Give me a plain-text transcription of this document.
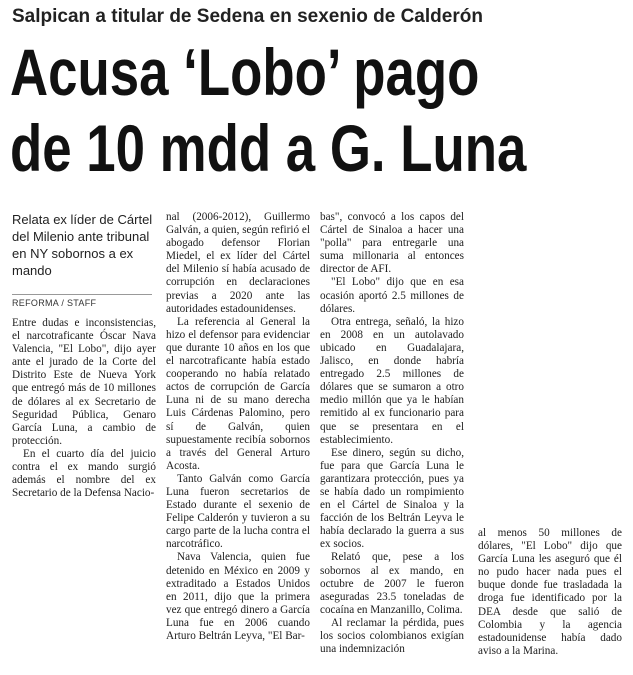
Salpican a titular de Sedena en sexenio de Calderón
Acusa ‘Lobo’ pago
de 10 mdd a G. Luna
Relata ex líder de Cártel del Milenio ante tribunal en NY sobornos a ex mando
REFORMA / STAFF

Entre dudas e inconsistencias, el narcotraficante Óscar Nava Valencia, "El Lobo", dijo ayer ante el jurado de la Corte del Distrito Este de Nueva York que entregó más de 10 millones de dólares al ex Secretario de Seguridad Pública, Genaro García Luna, a cambio de protección.

En el cuarto día del juicio contra el ex mando surgió además el nombre del ex Secretario de la Defensa Nacio-

nal (2006-2012), Guillermo Galván, a quien, según refirió el abogado defensor Florian Miedel, el ex líder del Cártel del Milenio sí había acusado de corrupción en declaraciones previas a 2020 ante las autoridades estadounidenses.

La referencia al General la hizo el defensor para evidenciar que durante 10 años en los que el narcotraficante había estado cooperando no había relatado actos de corrupción de García Luna ni de su mano derecha Luis Cárdenas Palomino, pero sí de Galván, quien supuestamente recibía sobornos a través del General Arturo Acosta.

Tanto Galván como García Luna fueron secretarios de Estado durante el sexenio de Felipe Calderón y tuvieron a su cargo parte de la lucha contra el narcotráfico.

Nava Valencia, quien fue detenido en México en 2009 y extraditado a Estados Unidos en 2011, dijo que la primera vez que entregó dinero a García Luna fue en 2006 cuando Arturo Beltrán Leyva, "El Bar-

bas", convocó a los capos del Cártel de Sinaloa a hacer una "polla" para entregarle una suma millonaria al entonces director de AFI.

"El Lobo" dijo que en esa ocasión aportó 2.5 millones de dólares.

Otra entrega, señaló, la hizo en 2008 en un autolavado ubicado en Guadalajara, Jalisco, en donde habría entregado 2.5 millones de dólares que se sumaron a otro medio millón que ya le habían remitido al ex funcionario para que se presentara en el establecimiento.

Ese dinero, según su dicho, fue para que García Luna le garantizara protección, pues ya se había dado un rompimiento en el Cártel de Sinaloa y la facción de los Beltrán Leyva le había declarado la guerra a sus ex socios.

Relató que, pese a los sobornos al ex mando, en octubre de 2007 le fueron aseguradas 23.5 toneladas de cocaína en Manzanillo, Colima.

Al reclamar la pérdida, pues los socios colombianos exigían una indemnización

al menos 50 millones de dólares, "El Lobo" dijo que García Luna les aseguró que él no pudo hacer nada pues el buque donde fue trasladada la droga fue identificado por la DEA desde que salió de Colombia y la agencia estadounidense había dado aviso a la Marina.
